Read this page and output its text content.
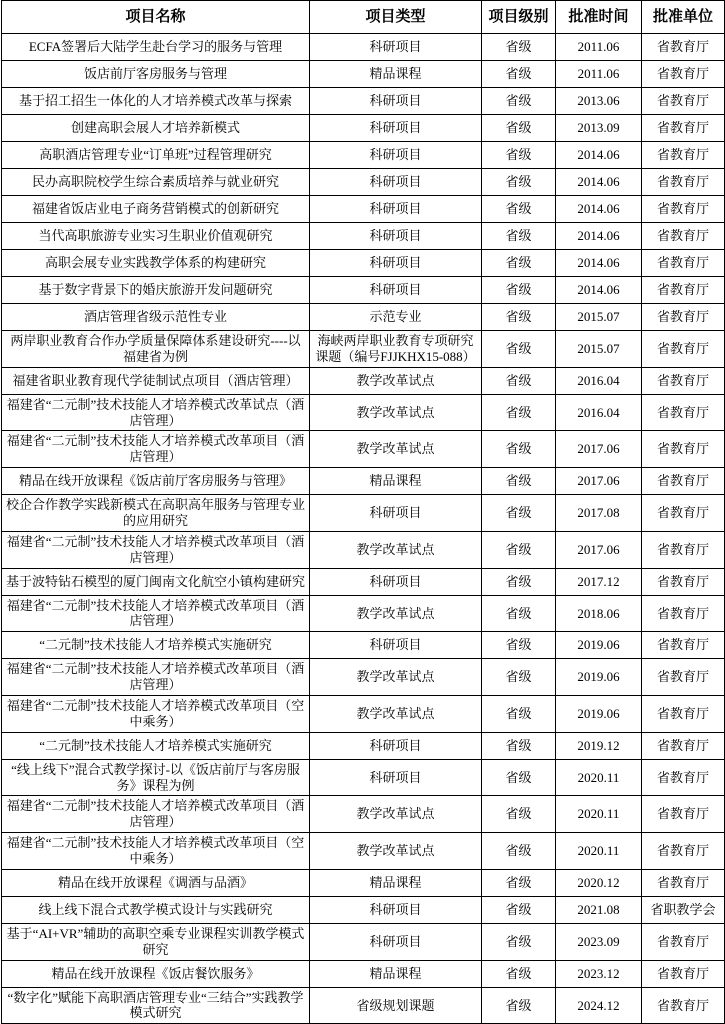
项目名称	项目类型	项目级别	批准时间	批准单位
ECFA签署后大陆学生赴台学习的服务与管理	科研项目	省级	2011.06	省教育厅
饭店前厅客房服务与管理	精品课程	省级	2011.06	省教育厅
基于招工招生一体化的人才培养模式改革与探索	科研项目	省级	2013.06	省教育厅
创建高职会展人才培养新模式	科研项目	省级	2013.09	省教育厅
高职酒店管理专业“订单班”过程管理研究	科研项目	省级	2014.06	省教育厅
民办高职院校学生综合素质培养与就业研究	科研项目	省级	2014.06	省教育厅
福建省饭店业电子商务营销模式的创新研究	科研项目	省级	2014.06	省教育厅
当代高职旅游专业实习生职业价值观研究	科研项目	省级	2014.06	省教育厅
高职会展专业实践教学体系的构建研究	科研项目	省级	2014.06	省教育厅
基于数字背景下的婚庆旅游开发问题研究	科研项目	省级	2014.06	省教育厅
酒店管理省级示范性专业	示范专业	省级	2015.07	省教育厅
两岸职业教育合作办学质量保障体系建设研究----以福建省为例	海峡两岸职业教育专项研究课题（编号FJJKHX15-088）	省级	2015.07	省教育厅
福建省职业教育现代学徒制试点项目（酒店管理）	教学改革试点	省级	2016.04	省教育厅
福建省“二元制”技术技能人才培养模式改革试点（酒店管理）	教学改革试点	省级	2016.04	省教育厅
福建省“二元制”技术技能人才培养模式改革项目（酒店管理）	教学改革试点	省级	2017.06	省教育厅
精品在线开放课程《饭店前厅客房服务与管理》	精品课程	省级	2017.06	省教育厅
校企合作教学实践新模式在高职高年服务与管理专业的应用研究	科研项目	省级	2017.08	省教育厅
福建省“二元制”技术技能人才培养模式改革项目（酒店管理）	教学改革试点	省级	2017.06	省教育厅
基于波特钻石模型的厦门闽南文化航空小镇构建研究	科研项目	省级	2017.12	省教育厅
福建省“二元制”技术技能人才培养模式改革项目（酒店管理）	教学改革试点	省级	2018.06	省教育厅
“二元制”技术技能人才培养模式实施研究	科研项目	省级	2019.06	省教育厅
福建省“二元制”技术技能人才培养模式改革项目（酒店管理）	教学改革试点	省级	2019.06	省教育厅
福建省“二元制”技术技能人才培养模式改革项目（空中乘务）	教学改革试点	省级	2019.06	省教育厅
“二元制”技术技能人才培养模式实施研究	科研项目	省级	2019.12	省教育厅
“线上线下”混合式教学探讨-以《饭店前厅与客房服务》课程为例	科研项目	省级	2020.11	省教育厅
福建省“二元制”技术技能人才培养模式改革项目（酒店管理）	教学改革试点	省级	2020.11	省教育厅
福建省“二元制”技术技能人才培养模式改革项目（空中乘务）	教学改革试点	省级	2020.11	省教育厅
精品在线开放课程《调酒与品酒》	精品课程	省级	2020.12	省教育厅
线上线下混合式教学模式设计与实践研究	科研项目	省级	2021.08	省职教学会
基于“AI+VR”辅助的高职空乘专业课程实训教学模式研究	科研项目	省级	2023.09	省教育厅
精品在线开放课程《饭店餐饮服务》	精品课程	省级	2023.12	省教育厅
“数字化”赋能下高职酒店管理专业“三结合”实践教学模式研究	省级规划课题	省级	2024.12	省教育厅
